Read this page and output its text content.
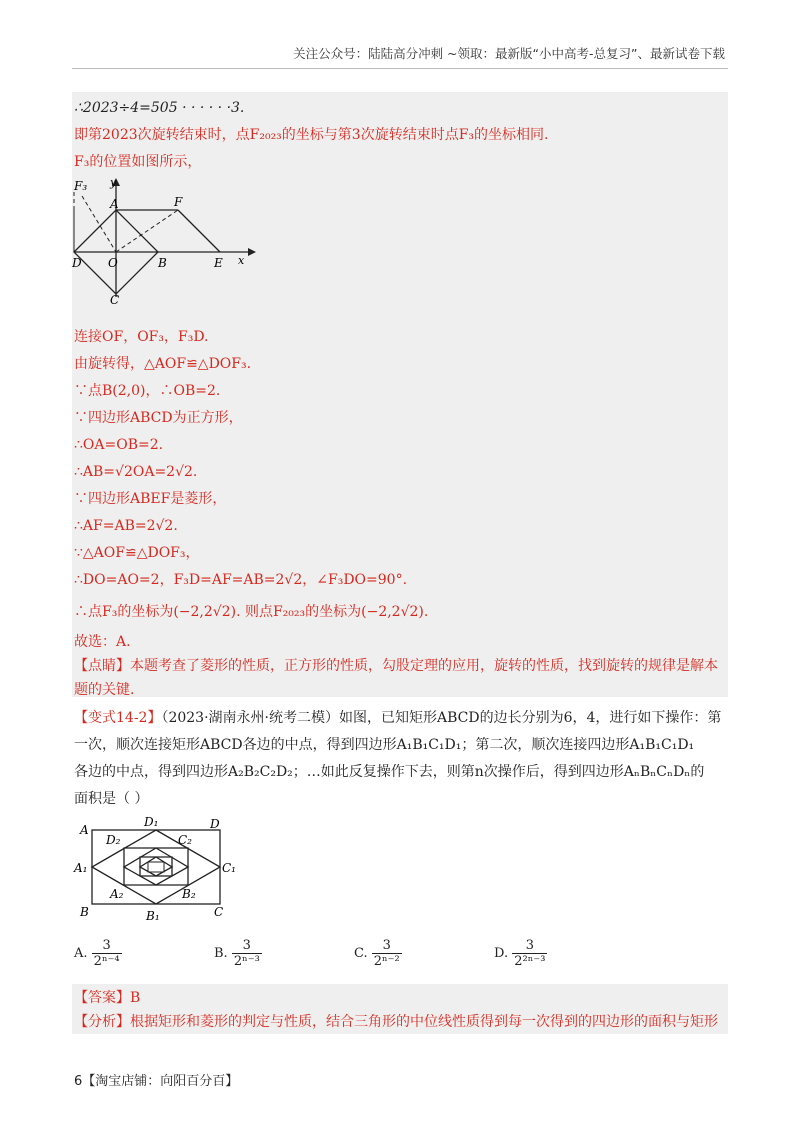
关注公众号：陆陆高分冲刺 ~领取：最新版“小中高考-总复习”、最新试卷下载
∴2023÷4=505 · · · · · ·3.
即第2023次旋转结束时，点F₂₀₂₃的坐标与第3次旋转结束时点F₃的坐标相同.
F₃的位置如图所示，
F₃ y
A	F
D O	B	E x
C
连接OF，OF₃，F₃D.
由旋转得，△AOF≌△DOF₃.
∵点B(2,0)，∴OB=2.
∵四边形ABCD为正方形，
∴OA=OB=2.
∴AB=√2OA=2√2.
∵四边形ABEF是菱形，
∴AF=AB=2√2.
∵△AOF≌△DOF₃，
∴DO=AO=2，F₃D=AF=AB=2√2，∠F₃DO=90°.
∴点F₃的坐标为(−2,2√2). 则点F₂₀₂₃的坐标为(−2,2√2).
故选：A.
【点睛】本题考查了菱形的性质，正方形的性质，勾股定理的应用，旋转的性质，找到旋转的规律是解本
题的关键.
【变式14-2】（2023·湖南永州·统考二模）如图，已知矩形ABCD的边长分别为6，4，进行如下操作：第
一次，顺次连接矩形ABCD各边的中点，得到四边形A₁B₁C₁D₁；第二次，顺次连接四边形A₁B₁C₁D₁
各边的中点，得到四边形A₂B₂C₂D₂；…如此反复操作下去，则第n次操作后，得到四边形AₙBₙCₙDₙ的
面积是（ ）
A
D₁	D
D₂	C₂
A₁	C₁
A₂	B₂
B	B₁	C
A. $\frac{3}{\text{2ⁿ⁻⁴}}$	B. $\frac{3}{\text{2ⁿ⁻³}}$	C. $\frac{3}{\text{2ⁿ⁻²}}$	D. $\frac{3}{\text{2²ⁿ⁻³}}$
【答案】B
【分析】根据矩形和菱形的判定与性质，结合三角形的中位线性质得到每一次得到的四边形的面积与矩形
6【淘宝店铺：向阳百分百】
